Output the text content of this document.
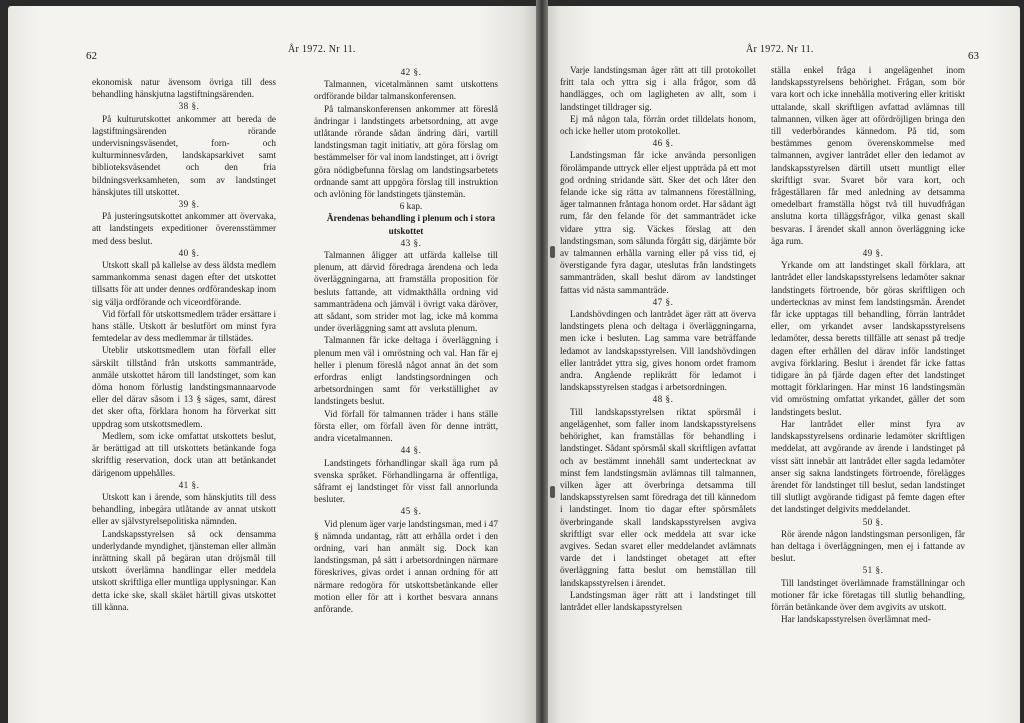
62
År 1972. Nr 11.

ekonomisk natur ävensom övriga till dess behandling hänskjutna lagstiftningsärenden.

38 §.

På kulturutskottet ankommer att bereda de lagstiftningsärenden rörande undervisningsväsendet, forn- och kulturminnesvården, landskapsarkivet samt biblioteksväsendet och den fria bildningsverksamheten, som av landstinget hänskjutes till utskottet.

39 §.

På justeringsutskottet ankommer att övervaka, att landstingets expeditioner överensstämmer med dess beslut.

40 §.

Utskott skall på kallelse av dess äldsta medlem sammankomma senast dagen efter det utskottet tillsatts för att under dennes ordförandeskap inom sig välja ordförande och viceordförande.

Vid förfall för utskottsmedlem träder ersättare i hans ställe. Utskott är beslutfört om minst fyra femtedelar av dess medlemmar är tillstädes.

Uteblir utskottsmedlem utan förfall eller särskilt tillstånd från utskotts sammanträde, anmäle utskottet härom till landstinget, som kan döma honom förlustig landstingsmannaarvode eller del därav såsom i 13 § säges, samt, därest det sker ofta, förklara honom ha förverkat sitt uppdrag som utskottsmedlem.

Medlem, som icke omfattat utskottets beslut, är berättigad att till utskottets betänkande foga skriftlig reservation, dock utan att betänkandet därigenom uppehålles.

41 §.

Utskott kan i ärende, som hänskjutits till dess behandling, inbegära utlåtande av annat utskott eller av självstyrelsepolitiska nämnden.

Landskapsstyrelsen så ock densamma underlydande myndighet, tjänsteman eller allmän inrättning skall på begäran utan dröjsmål till utskott överlämna handlingar eller meddela utskott skriftliga eller muntliga upplysningar. Kan detta icke ske, skall skälet härtill givas utskottet till känna.

42 §.

Talmannen, vicetalmännen samt utskottens ordförande bildar talmanskonferensen.

På talmanskonferensen ankommer att föreslå ändringar i landstingets arbetsordning, att avge utlåtande rörande sådan ändring däri, vartill landstingsman tagit initiativ, att göra förslag om bestämmelser för val inom landstinget, att i övrigt göra nödigbefunna förslag om landstingsarbetets ordnande samt att uppgöra förslag till instruktion och avlöning för landstingets tjänstemän.

6 kap.

Ärendenas behandling i plenum och i stora utskottet

43 §.

Talmannen åligger att utfärda kallelse till plenum, att därvid föredraga ärendena och leda överläggningarna, att framställa proposition för besluts fattande, att vidmakthålla ordning vid sammanträdena och jämväl i övrigt vaka däröver, att sådant, som strider mot lag, icke må komma under överläggning samt att avsluta plenum.

Talmannen får icke deltaga i överläggning i plenum men väl i omröstning och val. Han får ej heller i plenum föreslå något annat än det som erfordras enligt landstingsordningen och arbetsordningen samt för verkställighet av landstingets beslut.

Vid förfall för talmannen träder i hans ställe första eller, om förfall även för denne inträtt, andra vicetalmannen.

44 §.

Landstingets förhandlingar skall äga rum på svenska språket. Förhandlingarna är offentliga, såframt ej landstinget för visst fall annorlunda besluter.

45 §.

Vid plenum äger varje landstingsman, med i 47 § nämnda undantag, rätt att erhålla ordet i den ordning, vari han anmält sig. Dock kan landstingsman, på sätt i arbetsordningen närmare föreskrives, givas ordet i annan ordning för att närmare redogöra för utskottsbetänkande eller motion eller för att i korthet besvara annans anförande.

År 1972. Nr 11.
63

Varje landstingsman äger rätt att till protokollet fritt tala och yttra sig i alla frågor, som då handlägges, och om lagligheten av allt, som i landstinget tilldrager sig.

Ej må någon tala, förrän ordet tilldelats honom, och icke heller utom protokollet.

46 §.

Landstingsman får icke använda personligen förolämpande uttryck eller eljest uppträda på ett mot god ordning stridande sätt. Sker det och låter den felande icke sig rätta av talmannens föreställning, äger talmannen fråntaga honom ordet. Har sådant ägt rum, får den felande för det sammanträdet icke vidare yttra sig. Väckes förslag att den landstingsman, som sålunda förgått sig, därjämte bör av talmannen erhålla varning eller på viss tid, ej överstigande fyra dagar, uteslutas från landstingets sammanträden, skall beslut därom av landstinget fattas vid nästa sammanträde.

47 §.

Landshövdingen och lantrådet äger rätt att överva landstingets plena och deltaga i överläggningarna, men icke i besluten. Lag samma vare beträffande ledamot av landskapsstyrelsen. Vill landshövdingen eller lantrådet yttra sig, gives honom ordet framom andra. Angående replikrätt för ledamot i landskapsstyrelsen stadgas i arbetsordningen.

48 §.

Till landskapsstyrelsen riktat spörsmål i angelägenhet, som faller inom landskapsstyrelsens behörighet, kan framställas för behandling i landstinget. Sådant spörsmål skall skriftligen avfattat och av bestämmt innehåll samt undertecknat av minst fem landstingsmän avlämnas till talmannen, vilken äger att överbringa detsamma till landskapsstyrelsen samt föredraga det till kännedom i landstinget. Inom tio dagar efter spörsmålets överbringande skall landskapsstyrelsen avgiva skriftligt svar eller ock meddela att svar icke avgives. Sedan svaret eller meddelandet avlämnats varde det i landstinget obetaget att efter överläggning fatta beslut om hemställan till landskapsstyrelsen i ärendet.

Landstingsman äger rätt att i landstinget till lantrådet eller landskapsstyrelsen

ställa enkel fråga i angelägenhet inom landskapsstyrelsens behörighet. Frågan, som bör vara kort och icke innehålla motivering eller kritiskt uttalande, skall skriftligen avfattad avlämnas till talmannen, vilken äger att ofördröjligen bringa den till vederbörandes kännedom. På tid, som bestämmes genom överenskommelse med talmannen, avgiver lantrådet eller den ledamot av landskapsstyrelsen därtill utsett muntligt eller skriftligt svar. Svaret bör vara kort, och frågeställaren får med anledning av detsamma omedelbart framställa högst två till huvudfrågan anslutna korta tilläggsfrågor, vilka genast skall besvaras. I ärendet skall annon överläggning icke äga rum.

49 §.

Yrkande om att landstinget skall förklara, att lantrådet eller landskapsstyrelsens ledamöter saknar landstingets förtroende, bör göras skriftligen och undertecknas av minst fem landstingsmän. Ärendet får icke upptagas till behandling, förrän lantrådet eller, om yrkandet avser landskapsstyrelsens ledamöter, dessa beretts tillfälle att senast på tredje dagen efter erhållen del därav inför landstinget avgiva förklaring. Beslut i ärendet får icke fattas tidigare än på fjärde dagen efter det landstinget mottagit förklaringen. Har minst 16 landstingsmän vid omröstning omfattat yrkandet, gäller det som landstingets beslut.

Har lantrådet eller minst fyra av landskapsstyrelsens ordinarie ledamöter skriftligen meddelat, att avgörande av ärende i landstinget på visst sätt innebär att lantrådet eller sagda ledamöter anser sig sakna landstingets förtroende, förelägges ärendet för landstinget till beslut, sedan landstinget till slutligt avgörande tidigast på femte dagen efter det landstinget delgivits meddelandet.

50 §.

Rör ärende någon landstingsman personligen, får han deltaga i överläggningen, men ej i fattande av beslut.

51 §.

Till landstinget överlämnade framställningar och motioner får icke företagas till slutlig behandling, förrän betänkande över dem avgivits av utskott.

Har landskapsstyrelsen överlämnat med-
